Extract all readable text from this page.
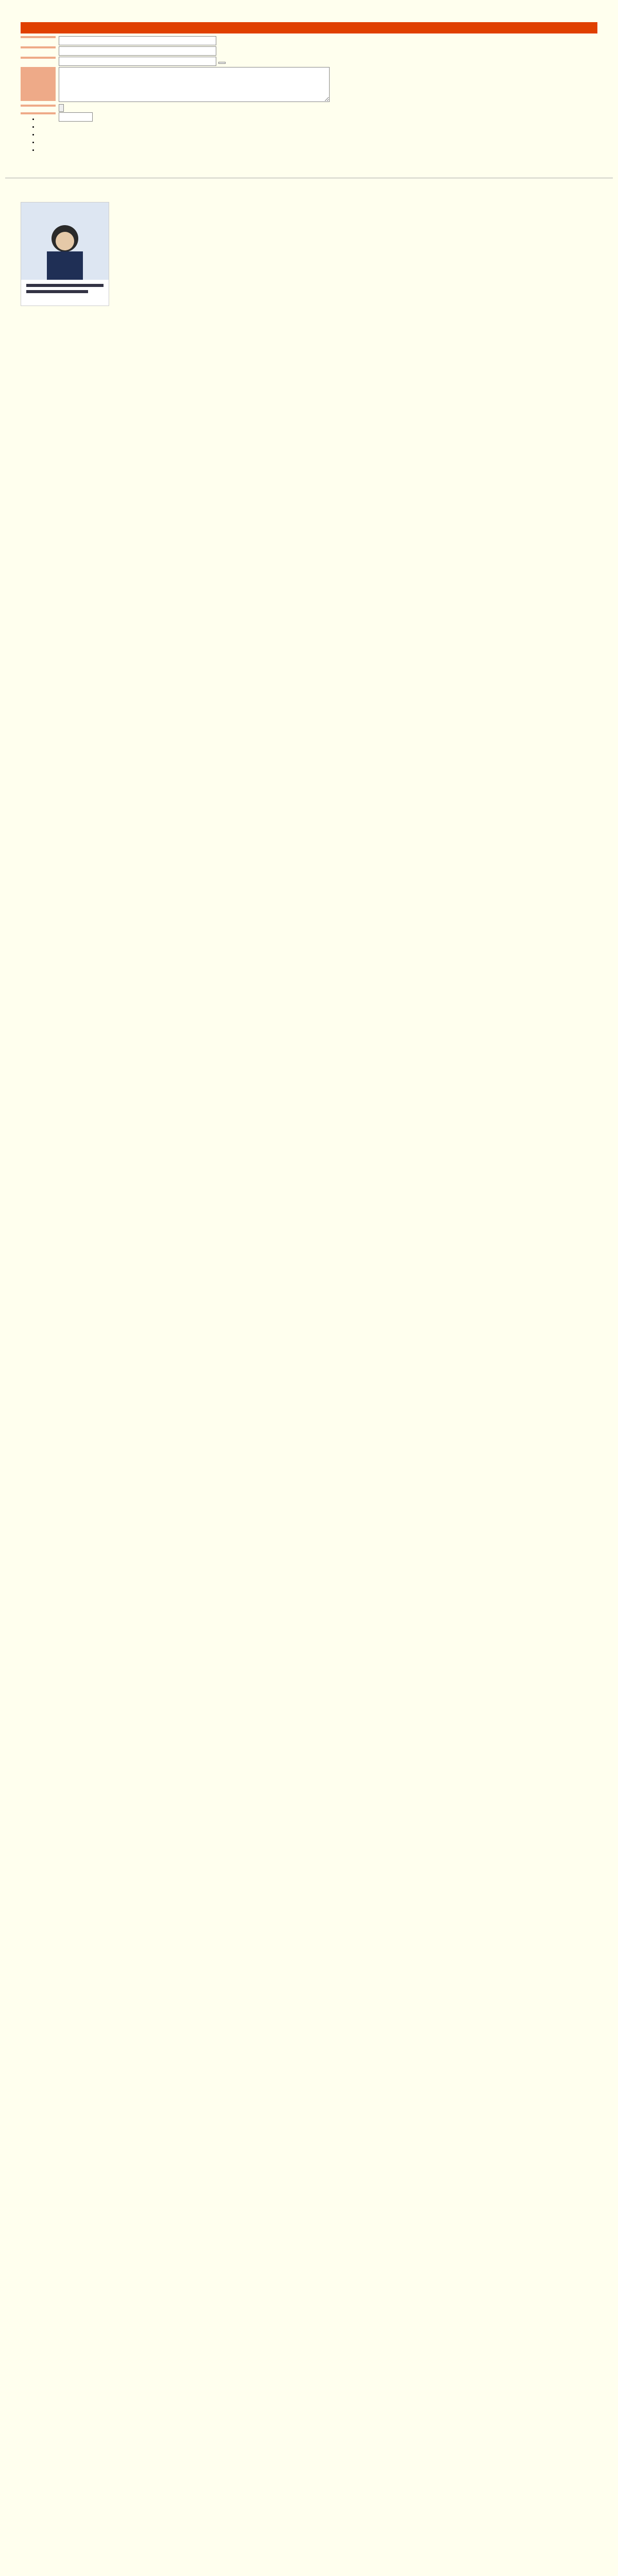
•
•
•
•
•
